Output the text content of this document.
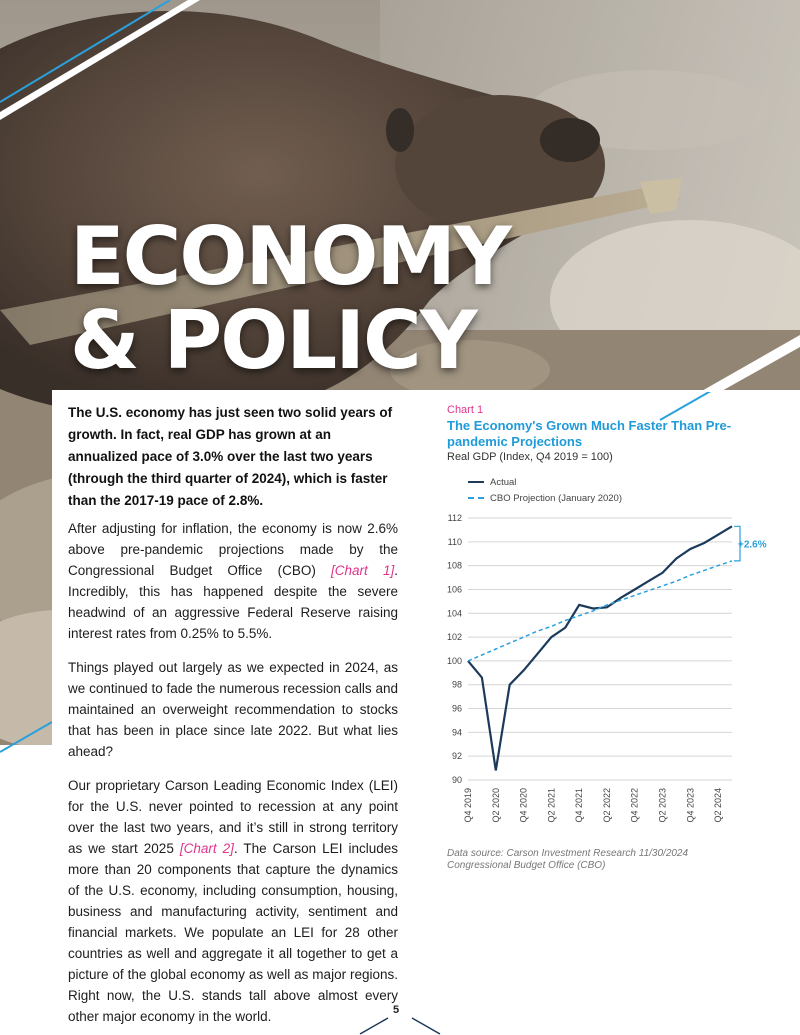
ECONOMY
& POLICY

The U.S. economy has just seen two solid years of growth. In fact, real GDP has grown at an annualized pace of 3.0% over the last two years (through the third quarter of 2024), which is faster than the 2017-19 pace of 2.8%.

After adjusting for inflation, the economy is now 2.6% above pre-pandemic projections made by the Congressional Budget Office (CBO) [Chart 1]. Incredibly, this has happened despite the severe headwind of an aggressive Federal Reserve raising interest rates from 0.25% to 5.5%.

Things played out largely as we expected in 2024, as we continued to fade the numerous recession calls and maintained an overweight recommendation to stocks that has been in place since late 2022. But what lies ahead?

Our proprietary Carson Leading Economic Index (LEI) for the U.S. never pointed to recession at any point over the last two years, and it’s still in strong territory as we start 2025 [Chart 2]. The Carson LEI includes more than 20 components that capture the dynamics of the U.S. economy, including consumption, housing, business and manufacturing activity, sentiment and financial markets. We populate an LEI for 28 other countries as well and aggregate it all together to get a picture of the global economy as well as major regions. Right now, the U.S. stands tall above almost every other major economy in the world.

Chart 1
The Economy's Grown Much Faster Than Pre-pandemic Projections
Real GDP (Index, Q4 2019 = 100)
Actual
CBO Projection (January 2020)
90
92
94
96
98
100
102
104
106
108
110
112
Q4 2019 Q2 2020 Q4 2020 Q2 2021 Q4 2021 Q2 2022 Q4 2022 Q2 2023 Q4 2023 Q2 2024
+2.6%
Data source: Carson Investment Research 11/30/2024
Congressional Budget Office (CBO)
5
